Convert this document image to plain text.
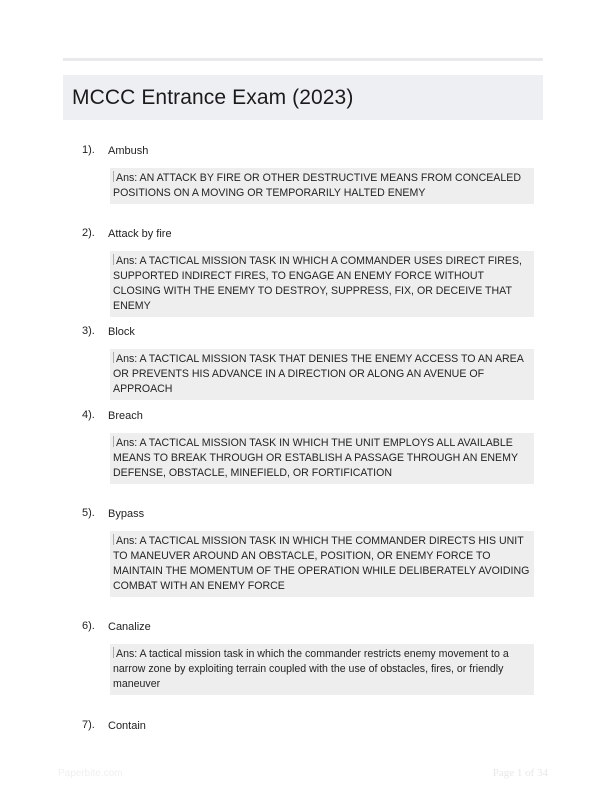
MCCC Entrance Exam (2023)
1). Ambush
Ans: AN ATTACK BY FIRE OR OTHER DESTRUCTIVE MEANS FROM CONCEALED POSITIONS ON A MOVING OR TEMPORARILY HALTED ENEMY
2). Attack by fire
Ans: A TACTICAL MISSION TASK IN WHICH A COMMANDER USES DIRECT FIRES, SUPPORTED INDIRECT FIRES, TO ENGAGE AN ENEMY FORCE WITHOUT CLOSING WITH THE ENEMY TO DESTROY, SUPPRESS, FIX, OR DECEIVE THAT ENEMY
3). Block
Ans: A TACTICAL MISSION TASK THAT DENIES THE ENEMY ACCESS TO AN AREA OR PREVENTS HIS ADVANCE IN A DIRECTION OR ALONG AN AVENUE OF APPROACH
4). Breach
Ans: A TACTICAL MISSION TASK IN WHICH THE UNIT EMPLOYS ALL AVAILABLE MEANS TO BREAK THROUGH OR ESTABLISH A PASSAGE THROUGH AN ENEMY DEFENSE, OBSTACLE, MINEFIELD, OR FORTIFICATION
5). Bypass
Ans: A TACTICAL MISSION TASK IN WHICH THE COMMANDER DIRECTS HIS UNIT TO MANEUVER AROUND AN OBSTACLE, POSITION, OR ENEMY FORCE TO MAINTAIN THE MOMENTUM OF THE OPERATION WHILE DELIBERATELY AVOIDING COMBAT WITH AN ENEMY FORCE
6). Canalize
Ans: A tactical mission task in which the commander restricts enemy movement to a narrow zone by exploiting terrain coupled with the use of obstacles, fires, or friendly maneuver
7). Contain
Paperbite.com	Page 1 of 34
